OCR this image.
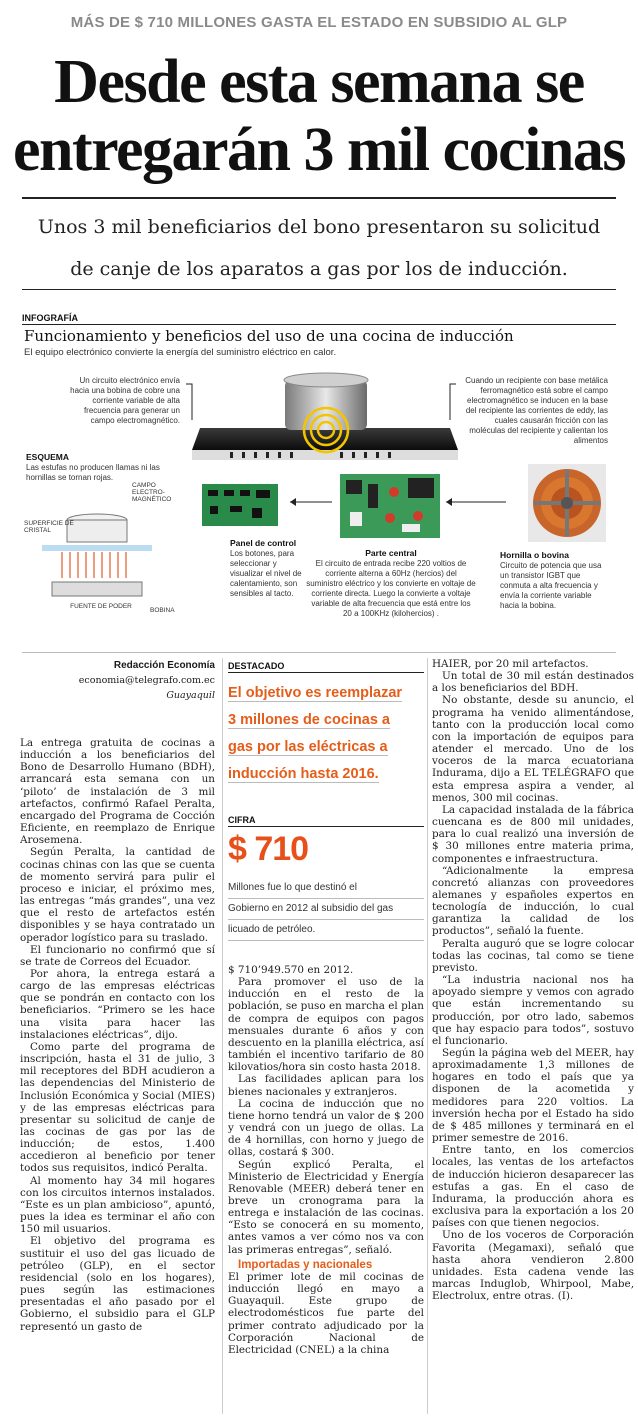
MÁS DE $ 710 MILLONES GASTA EL ESTADO EN SUBSIDIO AL GLP
Desde esta semana se
entregarán 3 mil cocinas
Unos 3 mil beneficiarios del bono presentaron su solicitud
de canje de los aparatos a gas por los de inducción.
INFOGRAFÍA
Funcionamiento y beneficios del uso de una cocina de inducción
El equipo electrónico convierte la energía del suministro eléctrico en calor.
Un circuito electrónico envía hacia una bobina de cobre una corriente variable de alta frecuencia para generar un campo electromagnético.
Cuando un recipiente con base metálica ferromagnético está sobre el campo electromagnético se inducen en la base del recipiente las corrientes de eddy, las cuales causarán fricción con las moléculas del recipiente y calientan los alimentos
ESQUEMA
Las estufas no producen llamas ni las hornillas se tornan rojas.
CAMPO ELECTRO-MAGNÉTICO
SUPERFICIE DE CRISTAL
FUENTE DE PODER
BOBINA
Panel de control
Los botones, para seleccionar y visualizar el nivel de calentamiento, son sensibles al tacto.
Parte central
El circuito de entrada recibe 220 voltios de corriente alterna a 60Hz (hercios) del suministro eléctrico y los convierte en voltaje de corriente directa. Luego la convierte a voltaje variable de alta frecuencia que está entre los 20 a 100KHz (kilohercios) .
Hornilla o bovina
Circuito de potencia que usa un transistor IGBT que conmuta a alta frecuencia y envía la corriente variable hacia la bobina.
Redacción Economía
economia@telegrafo.com.ec
Guayaquil

La entrega gratuita de cocinas a inducción a los beneficiarios del Bono de Desarrollo Humano (BDH), arrancará esta semana con un ‘piloto’ de instalación de 3 mil artefactos, confirmó Rafael Peralta, encargado del Programa de Cocción Eficiente, en reemplazo de Enrique Arosemena.

Según Peralta, la cantidad de cocinas chinas con las que se cuenta de momento servirá para pulir el proceso e iniciar, el próximo mes, las entregas “más grandes”, una vez que el resto de artefactos estén disponibles y se haya contratado un operador logístico para su traslado.

El funcionario no confirmó que sí se trate de Correos del Ecuador.

Por ahora, la entrega estará a cargo de las empresas eléctricas que se pondrán en contacto con los beneficiarios. “Primero se les hace una visita para hacer las instalaciones eléctricas”, dijo.

Como parte del programa de inscripción, hasta el 31 de julio, 3 mil receptores del BDH acudieron a las dependencias del Ministerio de Inclusión Económica y Social (MIES) y de las empresas eléctricas para presentar su solicitud de canje de las cocinas de gas por las de inducción; de estos, 1.400 accedieron al beneficio por tener todos sus requisitos, indicó Peralta.

Al momento hay 34 mil hogares con los circuitos internos instalados. “Este es un plan ambicioso”, apuntó, pues la idea es terminar el año con 150 mil usuarios.

El objetivo del programa es sustituir el uso del gas licuado de petróleo (GLP), en el sector residencial (solo en los hogares), pues según las estimaciones presentadas el año pasado por el Gobierno, el subsidio para el GLP representó un gasto de

DESTACADO
El objetivo es reemplazar
3 millones de cocinas a
gas por las eléctricas a
inducción hasta 2016.
CIFRA
$ 710
Millones fue lo que destinó el
Gobierno en 2012 al subsidio del gas
licuado de petróleo.

$ 710’949.570 en 2012.

Para promover el uso de la inducción en el resto de la población, se puso en marcha el plan de compra de equipos con pagos mensuales durante 6 años y con descuento en la planilla eléctrica, así también el incentivo tarifario de 80 kilovatios/hora sin costo hasta 2018.

Las facilidades aplican para los bienes nacionales y extranjeros.

La cocina de inducción que no tiene horno tendrá un valor de $ 200 y vendrá con un juego de ollas. La de 4 hornillas, con horno y juego de ollas, costará $ 300.

Según explicó Peralta, el Ministerio de Electricidad y Energía Renovable (MEER) deberá tener en breve un cronograma para la entrega e instalación de las cocinas. “Esto se conocerá en su momento, antes vamos a ver cómo nos va con las primeras entregas”, señaló.

Importadas y nacionales

El primer lote de mil cocinas de inducción llegó en mayo a Guayaquil. Este grupo de electrodomésticos fue parte del primer contrato adjudicado por la Corporación Nacional de Electricidad (CNEL) a la china

HAIER, por 20 mil artefactos.

Un total de 30 mil están destinados a los beneficiarios del BDH.

No obstante, desde su anuncio, el programa ha venido alimentándose, tanto con la producción local como con la importación de equipos para atender el mercado. Uno de los voceros de la marca ecuatoriana Indurama, dijo a EL TELÉGRAFO que esta empresa aspira a vender, al menos, 300 mil cocinas.

La capacidad instalada de la fábrica cuencana es de 800 mil unidades, para lo cual realizó una inversión de $ 30 millones entre materia prima, componentes e infraestructura.

“Adicionalmente la empresa concretó alianzas con proveedores alemanes y españoles expertos en tecnología de inducción, lo cual garantiza la calidad de los productos”, señaló la fuente.

Peralta auguró que se logre colocar todas las cocinas, tal como se tiene previsto.

“La industria nacional nos ha apoyado siempre y vemos con agrado que están incrementando su producción, por otro lado, sabemos que hay espacio para todos”, sostuvo el funcionario.

Según la página web del MEER, hay aproximadamente 1,3 millones de hogares en todo el país que ya disponen de la acometida y medidores para 220 voltios. La inversión hecha por el Estado ha sido de $ 485 millones y terminará en el primer semestre de 2016.

Entre tanto, en los comercios locales, las ventas de los artefactos de inducción hicieron desaparecer las estufas a gas. En el caso de Indurama, la producción ahora es exclusiva para la exportación a los 20 países con que tienen negocios.

Uno de los voceros de Corporación Favorita (Megamaxi), señaló que hasta ahora vendieron 2.800 unidades. Esta cadena vende las marcas Induglob, Whirpool, Mabe, Electrolux, entre otras. (I).
